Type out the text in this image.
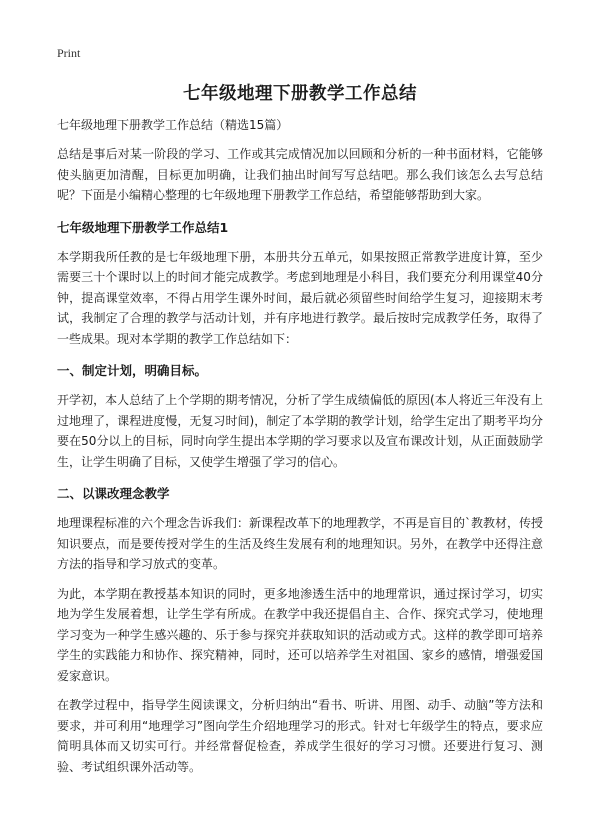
Print
七年级地理下册教学工作总结
七年级地理下册教学工作总结（精选15篇）

总结是事后对某一阶段的学习、工作或其完成情况加以回顾和分析的一种书面材料，它能够使头脑更加清醒，目标更加明确，让我们抽出时间写写总结吧。那么我们该怎么去写总结呢？下面是小编精心整理的七年级地理下册教学工作总结，希望能够帮助到大家。

七年级地理下册教学工作总结1

本学期我所任教的是七年级地理下册，本册共分五单元，如果按照正常教学进度计算，至少需要三十个课时以上的时间才能完成教学。考虑到地理是小科目，我们要充分利用课堂40分钟，提高课堂效率，不得占用学生课外时间，最后就必须留些时间给学生复习，迎接期末考试，我制定了合理的教学与活动计划，并有序地进行教学。最后按时完成教学任务，取得了一些成果。现对本学期的教学工作总结如下：

一、制定计划，明确目标。

开学初，本人总结了上个学期的期考情况，分析了学生成绩偏低的原因(本人将近三年没有上过地理了，课程进度慢，无复习时间)，制定了本学期的教学计划，给学生定出了期考平均分要在50分以上的目标，同时向学生提出本学期的学习要求以及宣布课改计划，从正面鼓励学生，让学生明确了目标，又使学生增强了学习的信心。

二、以课改理念教学

地理课程标准的六个理念告诉我们：新课程改革下的地理教学，不再是盲目的`教教材，传授知识要点，而是要传授对学生的生活及终生发展有利的地理知识。另外，在教学中还得注意方法的指导和学习放式的变革。

为此，本学期在教授基本知识的同时，更多地渗透生活中的地理常识，通过探讨学习，切实地为学生发展着想，让学生学有所成。在教学中我还提倡自主、合作、探究式学习，使地理学习变为一种学生感兴趣的、乐于参与探究并获取知识的活动或方式。这样的教学即可培养学生的实践能力和协作、探究精神，同时，还可以培养学生对祖国、家乡的感情，增强爱国爱家意识。

在教学过程中，指导学生阅读课文，分析归纳出“看书、听讲、用图、动手、动脑”等方法和要求，并可利用“地理学习”图向学生介绍地理学习的形式。针对七年级学生的特点，要求应简明具体而又切实可行。并经常督促检查，养成学生很好的学习习惯。还要进行复习、测验、考试组织课外活动等。
